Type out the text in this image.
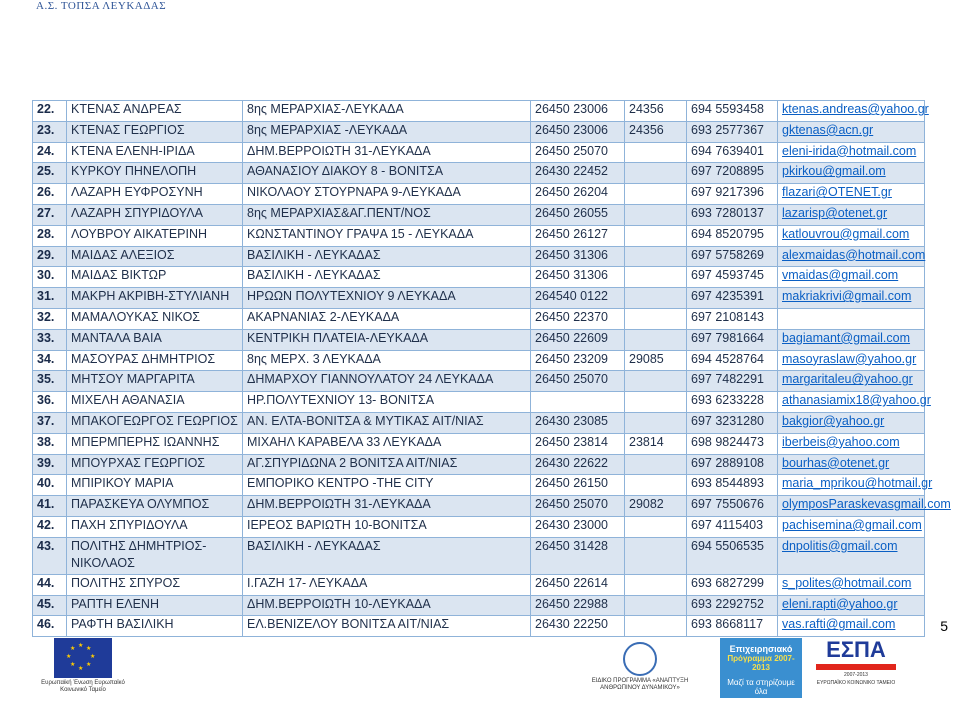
Α.Σ. ΤΟΠΣΑ ΛΕΥΚΑΔΑΣ
22.	ΚΤΕΝΑΣ ΑΝΔΡΕΑΣ	8ης ΜΕΡΑΡΧΙΑΣ-ΛΕΥΚΑΔΑ	26450 23006	24356	694 5593458	ktenas.andreas@yahoo.gr
23.	ΚΤΕΝΑΣ ΓΕΩΡΓΙΟΣ	8ης ΜΕΡΑΡΧΙΑΣ -ΛΕΥΚΑΔΑ	26450 23006	24356	693 2577367	gktenas@acn.gr
24.	ΚΤΕΝΑ ΕΛΕΝΗ-ΙΡΙΔΑ	ΔΗΜ.ΒΕΡΡΟΙΩΤΗ 31-ΛΕΥΚΑΔΑ	26450 25070		694 7639401	eleni-irida@hotmail.com
25.	ΚΥΡΚΟΥ ΠΗΝΕΛΟΠΗ	ΑΘΑΝΑΣΙΟΥ ΔΙΑΚΟΥ 8 - ΒΟΝΙΤΣΑ	26430 22452		697 7208895	pkirkou@gmail.om
26.	ΛΑΖΑΡΗ ΕΥΦΡΟΣΥΝΗ	ΝΙΚΟΛΑΟΥ ΣΤΟΥΡΝΑΡΑ 9-ΛΕΥΚΑΔΑ	26450 26204		697 9217396	flazari@OTENET.gr
27.	ΛΑΖΑΡΗ ΣΠΥΡΙΔΟΥΛΑ	8ης ΜΕΡΑΡΧΙΑΣ&ΑΓ.ΠΕΝΤ/ΝΟΣ	26450 26055		693 7280137	lazarisp@otenet.gr
28.	ΛΟΥΒΡΟΥ ΑΙΚΑΤΕΡΙΝΗ	ΚΩΝΣΤΑΝΤΙΝΟΥ ΓΡΑΨΑ 15 - ΛΕΥΚΑΔΑ	26450 26127		694 8520795	katlouvrou@gmail.com
29.	ΜΑΙΔΑΣ ΑΛΕΞΙΟΣ	ΒΑΣΙΛΙΚΗ - ΛΕΥΚΑΔΑΣ	26450 31306		697 5758269	alexmaidas@hotmail.com
30.	ΜΑΙΔΑΣ ΒΙΚΤΩΡ	ΒΑΣΙΛΙΚΗ - ΛΕΥΚΑΔΑΣ	26450 31306		697 4593745	vmaidas@gmail.com
31.	ΜΑΚΡΗ ΑΚΡΙΒΗ-ΣΤΥΛΙΑΝΗ	ΗΡΩΩΝ ΠΟΛΥΤΕΧΝΙΟΥ 9 ΛΕΥΚΑΔΑ	264540 0122		697 4235391	makriakrivi@gmail.com
32.	ΜΑΜΑΛΟΥΚΑΣ ΝΙΚΟΣ	ΑΚΑΡΝΑΝΙΑΣ 2-ΛΕΥΚΑΔΑ	26450 22370		697 2108143	
33.	ΜΑΝΤΑΛΑ ΒΑΙΑ	ΚΕΝΤΡΙΚΗ ΠΛΑΤΕΙΑ-ΛΕΥΚΑΔΑ	26450 22609		697 7981664	bagiamant@gmail.com
34.	ΜΑΣΟΥΡΑΣ ΔΗΜΗΤΡΙΟΣ	8ης ΜΕΡΧ. 3 ΛΕΥΚΑΔΑ	26450 23209	29085	694 4528764	masoyraslaw@yahoo.gr
35.	ΜΗΤΣΟΥ ΜΑΡΓΑΡΙΤΑ	ΔΗΜΑΡΧΟΥ ΓΙΑΝΝΟΥΛΑΤΟΥ 24 ΛΕΥΚΑΔΑ	26450 25070		697 7482291	margaritaleu@yahoo.gr
36.	ΜΙΧΕΛΗ ΑΘΑΝΑΣΙΑ	ΗΡ.ΠΟΛΥΤΕΧΝΙΟΥ 13- ΒΟΝΙΤΣΑ			693 6233228	athanasiamix18@yahoo.gr
37.	ΜΠΑΚΟΓΕΩΡΓΟΣ ΓΕΩΡΓΙΟΣ	ΑΝ. ΕΛΤΑ-ΒΟΝΙΤΣΑ & ΜΥΤΙΚΑΣ ΑΙΤ/ΝΙΑΣ	26430 23085		697 3231280	bakgior@yahoo.gr
38.	ΜΠΕΡΜΠΕΡΗΣ ΙΩΑΝΝΗΣ	ΜΙΧΑΗΛ ΚΑΡΑΒΕΛΑ 33 ΛΕΥΚΑΔΑ	26450 23814	23814	698 9824473	iberbeis@yahoo.com
39.	ΜΠΟΥΡΧΑΣ ΓΕΩΡΓΙΟΣ	ΑΓ.ΣΠΥΡΙΔΩΝΑ 2 ΒΟΝΙΤΣΑ ΑΙΤ/ΝΙΑΣ	26430 22622		697 2889108	bourhas@otenet.gr
40.	ΜΠΙΡΙΚΟΥ ΜΑΡΙΑ	ΕΜΠΟΡΙΚΟ ΚΕΝΤΡΟ -THE CITY	26450 26150		693 8544893	maria_mprikou@hotmail.gr
41.	ΠΑΡΑΣΚΕΥΑ ΟΛΥΜΠΟΣ	ΔΗΜ.ΒΕΡΡΟΙΩΤΗ 31-ΛΕΥΚΑΔΑ	26450 25070	29082	697 7550676	olymposParaskevasgmail.com
42.	ΠΑΧΗ ΣΠΥΡΙΔΟΥΛΑ	ΙΕΡΕΟΣ ΒΑΡΙΩΤΗ 10-ΒΟΝΙΤΣΑ	26430 23000		697 4115403	pachisemina@gmail.com
43.	ΠΟΛΙΤΗΣ ΔΗΜΗΤΡΙΟΣ-ΝΙΚΟΛΑΟΣ	ΒΑΣΙΛΙΚΗ - ΛΕΥΚΑΔΑΣ	26450 31428		694 5506535	dnpolitis@gmail.com
44.	ΠΟΛΙΤΗΣ ΣΠΥΡΟΣ	Ι.ΓΑΖΗ 17- ΛΕΥΚΑΔΑ	26450 22614		693 6827299	s_polites@hotmail.com
45.	ΡΑΠΤΗ ΕΛΕΝΗ	ΔΗΜ.ΒΕΡΡΟΙΩΤΗ 10-ΛΕΥΚΑΔΑ	26450 22988		693 2292752	eleni.rapti@yahoo.gr
46.	ΡΑΦΤΗ ΒΑΣΙΛΙΚΗ	ΕΛ.ΒΕΝΙΖΕΛΟΥ ΒΟΝΙΤΣΑ ΑΙΤ/ΝΙΑΣ	26430 22250		693 8668117	vas.rafti@gmail.com	5
★ ★
★
★
★
★
★
★
Ευρωπαϊκή Ένωση Ευρωπαϊκό Κοινωνικό Ταμείο
ΕΙΔΙΚΟ ΠΡΟΓΡΑΜΜΑ «ΑΝΑΠΤΥΞΗ ΑΝΘΡΩΠΙΝΟΥ ΔΥΝΑΜΙΚΟΥ»
Επιχειρησιακό
Πρόγραμμα 2007-2013
Μαζί τα στηρίζουμε όλα
ΕΣΠΑ
2007-2013
ΕΥΡΩΠΑΪΚΟ ΚΟΙΝΩΝΙΚΟ ΤΑΜΕΙΟ
